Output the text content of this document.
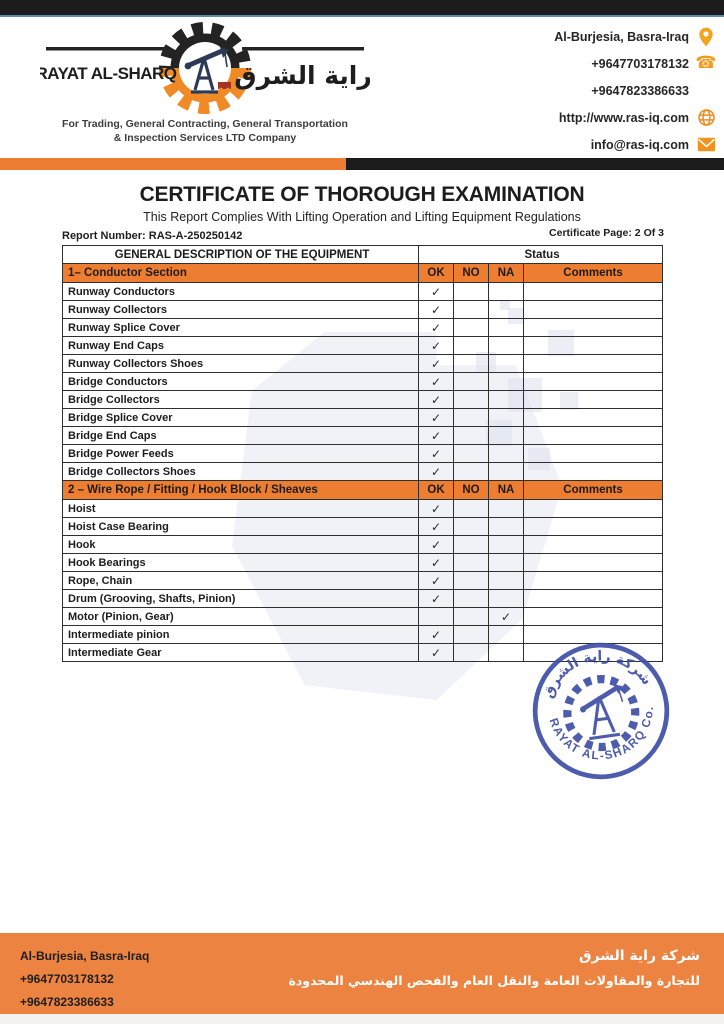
RAYAT AL-SHARQ راية الشرق
For Trading, General Contracting, General Transportation
& Inspection Services LTD Company
Al-Burjesia, Basra-Iraq
+9647703178132 ☎
+9647823386633
http://www.ras-iq.com
info@ras-iq.com
CERTIFICATE OF THOROUGH EXAMINATION
This Report Complies With Lifting Operation and Lifting Equipment Regulations
Report Number: RAS-A-250250142	Certificate Page: 2 Of 3
GENERAL DESCRIPTION OF THE EQUIPMENT	Status			
1– Conductor Section	OK	NO	NA	Comments
Runway Conductors	✓			
Runway Collectors	✓			
Runway Splice Cover	✓			
Runway End Caps	✓			
Runway Collectors Shoes	✓			
Bridge Conductors	✓			
Bridge Collectors	✓			
Bridge Splice Cover	✓			
Bridge End Caps	✓			
Bridge Power Feeds	✓			
Bridge Collectors Shoes	✓			
2 – Wire Rope / Fitting / Hook Block / Sheaves	OK	NO	NA	Comments
Hoist	✓			
Hoist Case Bearing	✓			
Hook	✓			
Hook Bearings	✓			
Rope, Chain	✓			
Drum (Grooving, Shafts, Pinion)	✓			
Motor (Pinion, Gear)			✓	
Intermediate pinion	✓			
Intermediate Gear	✓			
شركة راية الشرق
RAYAT AL-SHARQ Co.
Al-Burjesia, Basra-Iraq
+9647703178132
+9647823386633
شركة راية الشرق
للتجارة والمقاولات العامة والنقل العام والفحص الهندسي المحدودة
